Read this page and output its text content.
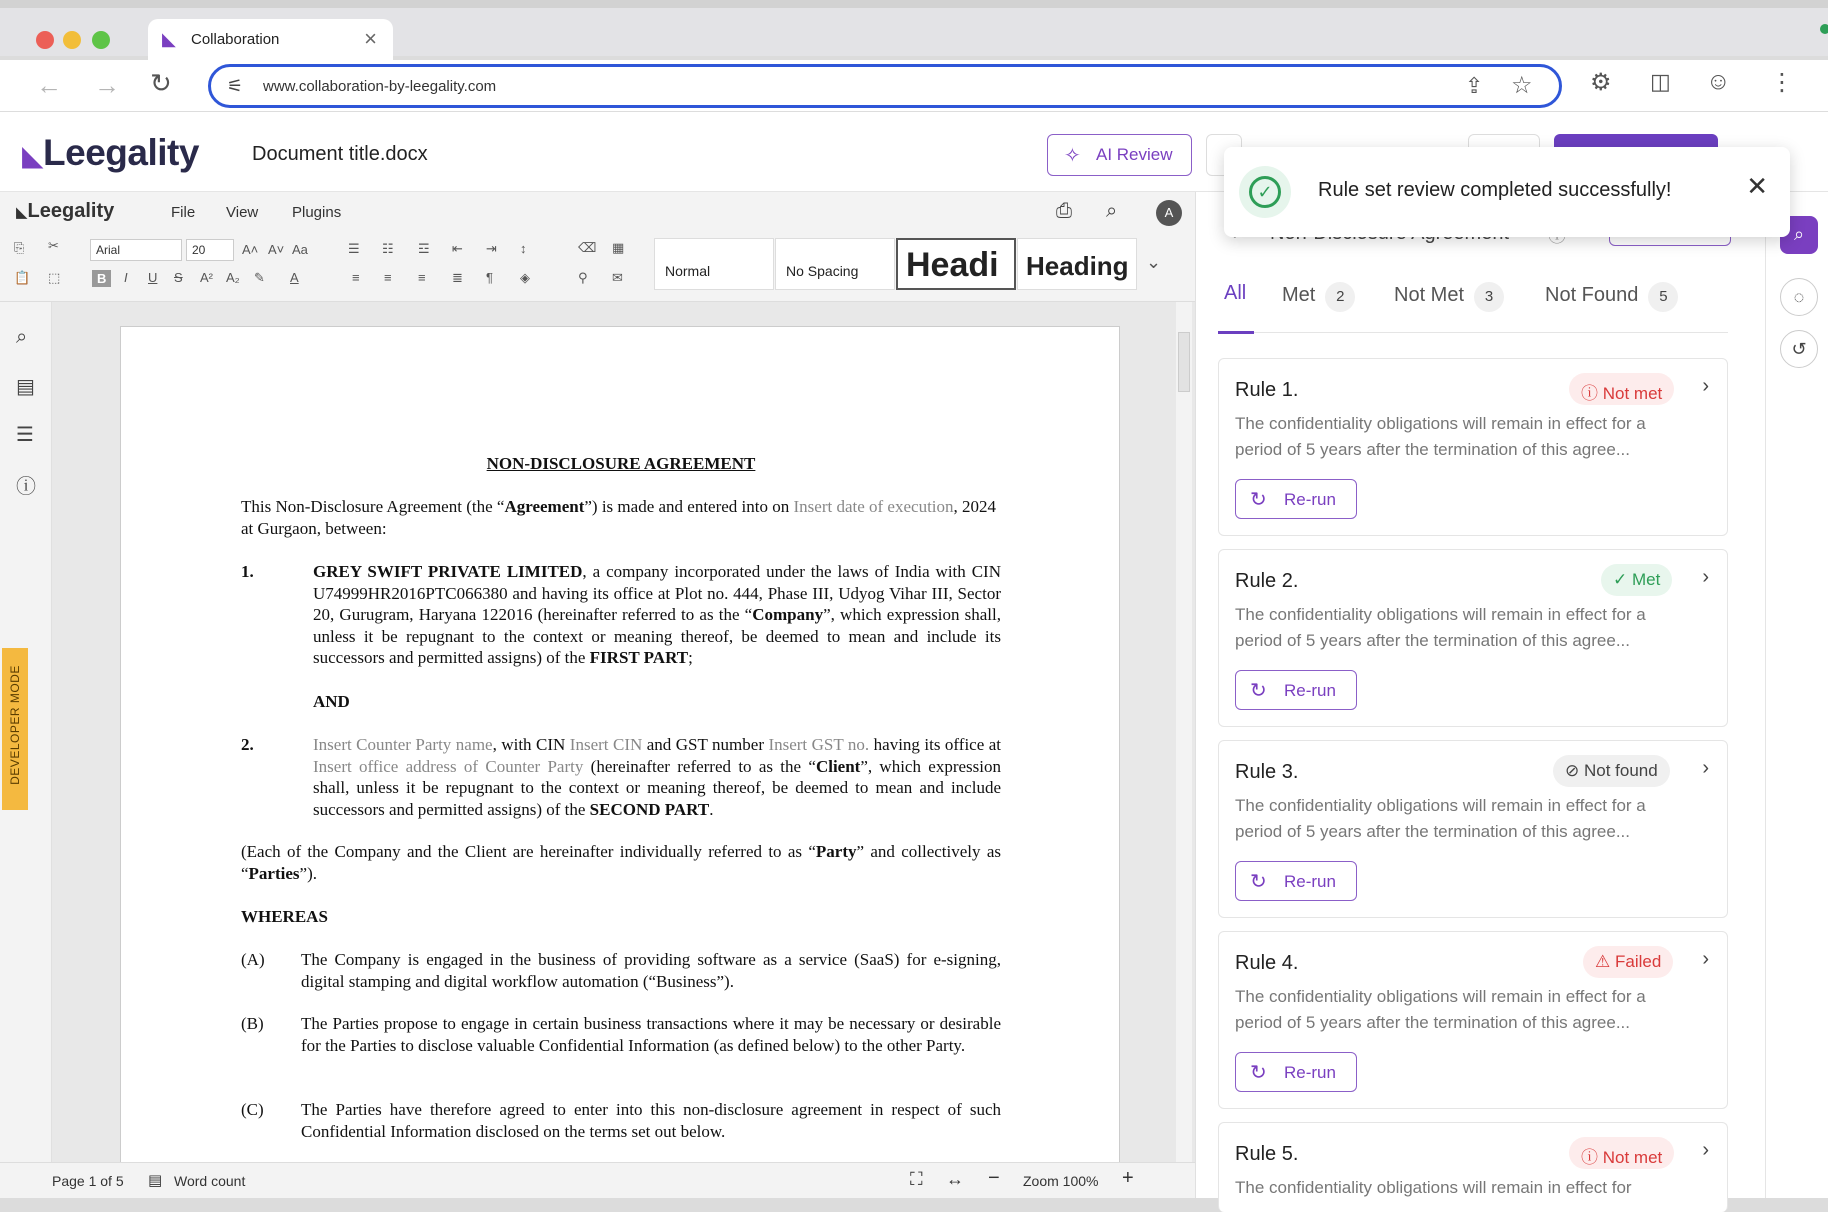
◣ Collaboration	×
← → ↻	⚟ www.collaboration-by-leegality.com	⇪ ☆ ⚙ ◫ ☺ ⋮
◣Leegality	Document title.docx	✧ AI Review
✓	Rule set review completed successfully!	✕
◣Leegality	File View Plugins	⎙ ⌕	A
⎘ ✂
📋 ⬚
Arial	20	A˄ A˅ Aa
B	I U S A² A₂ ✎ A
☰ ☷ ☲ ⇤ ⇥ ↕
≡ ≡ ≡ ≣ ¶ ◈
⌫ ▦
⚲ ✉	Normal	No Spacing Headi Heading ⌄
⌕
▤
☰
ⓘ
DEVELOPER MODE
NON-DISCLOSURE AGREEMENT
This Non-Disclosure Agreement (the “Agreement”) is made and entered into on Insert date of execution, 2024 at Gurgaon, between:
1.	GREY SWIFT PRIVATE LIMITED, a company incorporated under the laws of India with CIN U74999HR2016PTC066380 and having its office at Plot no. 444, Phase III, Udyog Vihar III, Sector 20, Gurugram, Haryana 122016 (hereinafter referred to as the “Company”, which expression shall, unless it be repugnant to the context or meaning thereof, be deemed to mean and include its successors and permitted assigns) of the FIRST PART;
AND
2.	Insert Counter Party name, with CIN Insert CIN and GST number Insert GST no. having its office at Insert office address of Counter Party (hereinafter referred to as the “Client”, which expression shall, unless it be repugnant to the context or meaning thereof, be deemed to mean and include successors and permitted assigns) of the SECOND PART.
(Each of the Company and the Client are hereinafter individually referred to as “Party” and collectively as “Parties”).
WHEREAS
(A) The Company is engaged in the business of providing software as a service (SaaS) for e-signing, digital stamping and digital workflow automation (“Business”).
(B) The Parties propose to engage in certain business transactions where it may be necessary or desirable for the Parties to disclose valuable Confidential Information (as defined below) to the other Party.
(C) The Parties have therefore agreed to enter into this non-disclosure agreement in respect of such Confidential Information disclosed on the terms set out below.
Page 1 of 5 ▤ Word count	⛶ ↔ − Zoom 100% +
All Met 2	Not Met 3	Not Found 5
Rule 1.	ⓘ Not met	›
The confidentiality obligations will remain in effect for a period of 5 years after the termination of this agree...
↻ Re-run
Rule 2.	✓ Met	›
The confidentiality obligations will remain in effect for a period of 5 years after the termination of this agree...
↻ Re-run
Rule 3.	⊘ Not found	›
The confidentiality obligations will remain in effect for a period of 5 years after the termination of this agree...
↻ Re-run
Rule 4.	⚠ Failed	›
The confidentiality obligations will remain in effect for a period of 5 years after the termination of this agree...
↻ Re-run
Rule 5.	ⓘ Not met	›
The confidentiality obligations will remain in effect for
⌕
◌
↺
